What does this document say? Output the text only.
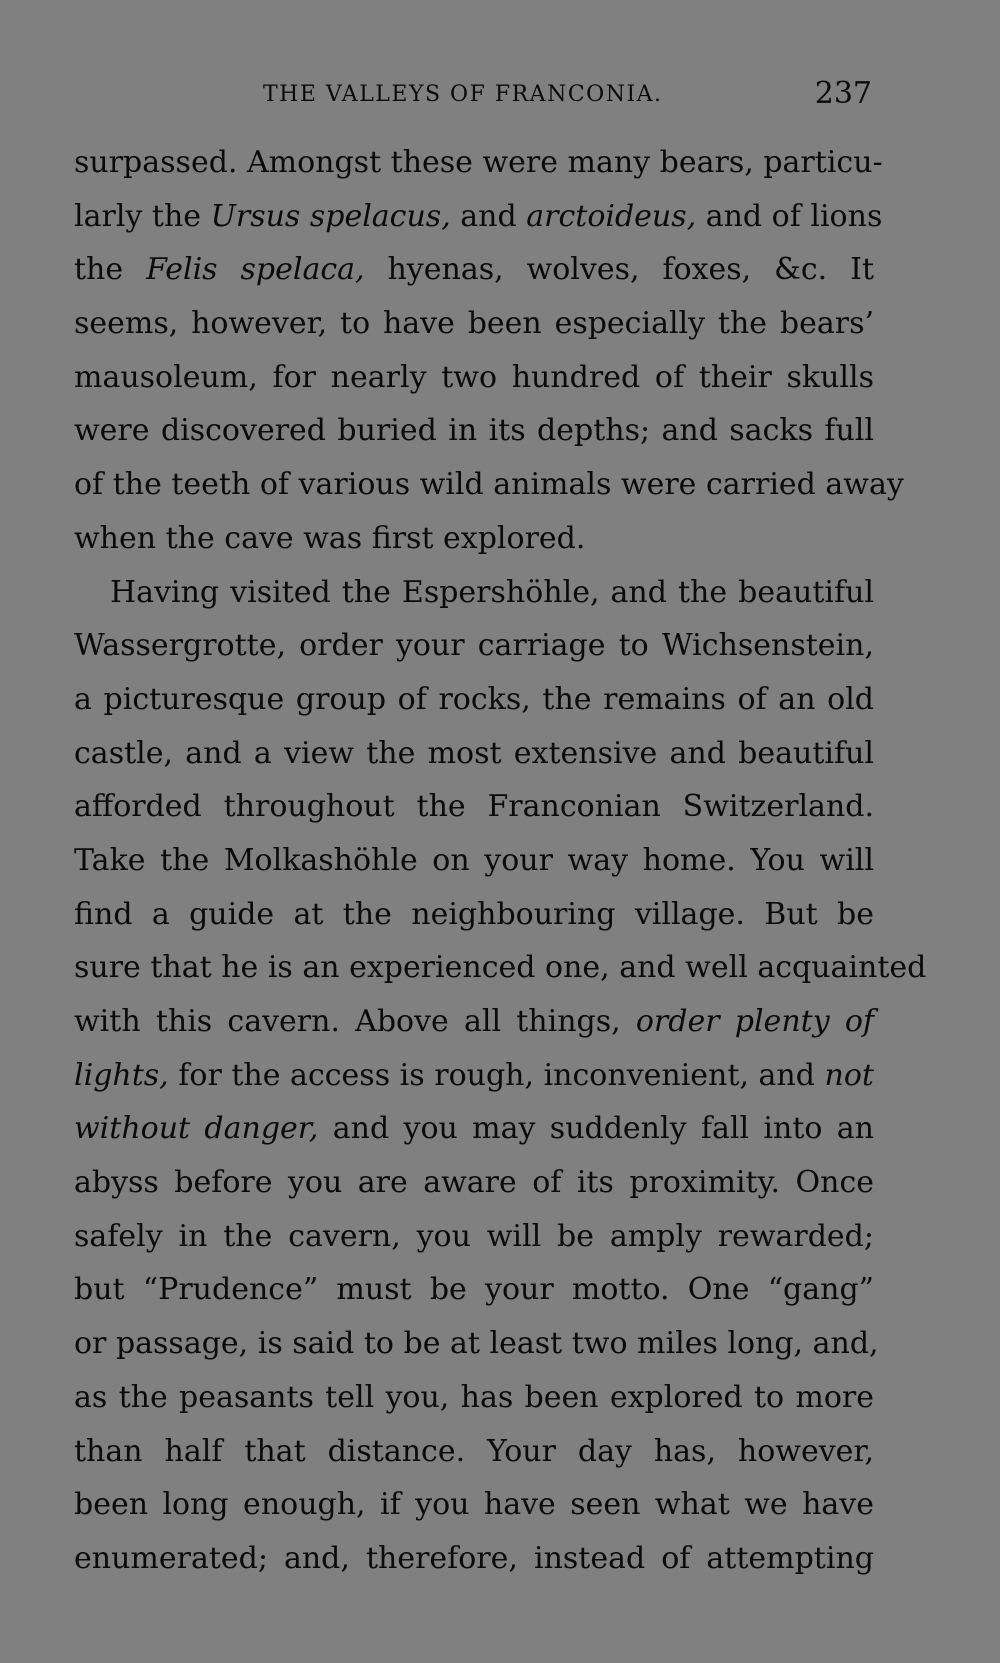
THE VALLEYS OF FRANCONIA.	237
surpassed. Amongst these were many bears, particu-
larly the Ursus spelacus, and arctoideus, and of lions
the Felis spelaca, hyenas, wolves, foxes, &c. It
seems, however, to have been especially the bears’
mausoleum, for nearly two hundred of their skulls
were discovered buried in its depths; and sacks full
of the teeth of various wild animals were carried away
when the cave was first explored.
Having visited the Espershöhle, and the beautiful
Wassergrotte, order your carriage to Wichsenstein,
a picturesque group of rocks, the remains of an old
castle, and a view the most extensive and beautiful
afforded throughout the Franconian Switzerland.
Take the Molkashöhle on your way home. You will
find a guide at the neighbouring village. But be
sure that he is an experienced one, and well acquainted
with this cavern. Above all things, order plenty of
lights, for the access is rough, inconvenient, and not
without danger, and you may suddenly fall into an
abyss before you are aware of its proximity. Once
safely in the cavern, you will be amply rewarded;
but “Prudence” must be your motto. One “gang”
or passage, is said to be at least two miles long, and,
as the peasants tell you, has been explored to more
than half that distance. Your day has, however,
been long enough, if you have seen what we have
enumerated; and, therefore, instead of attempting
